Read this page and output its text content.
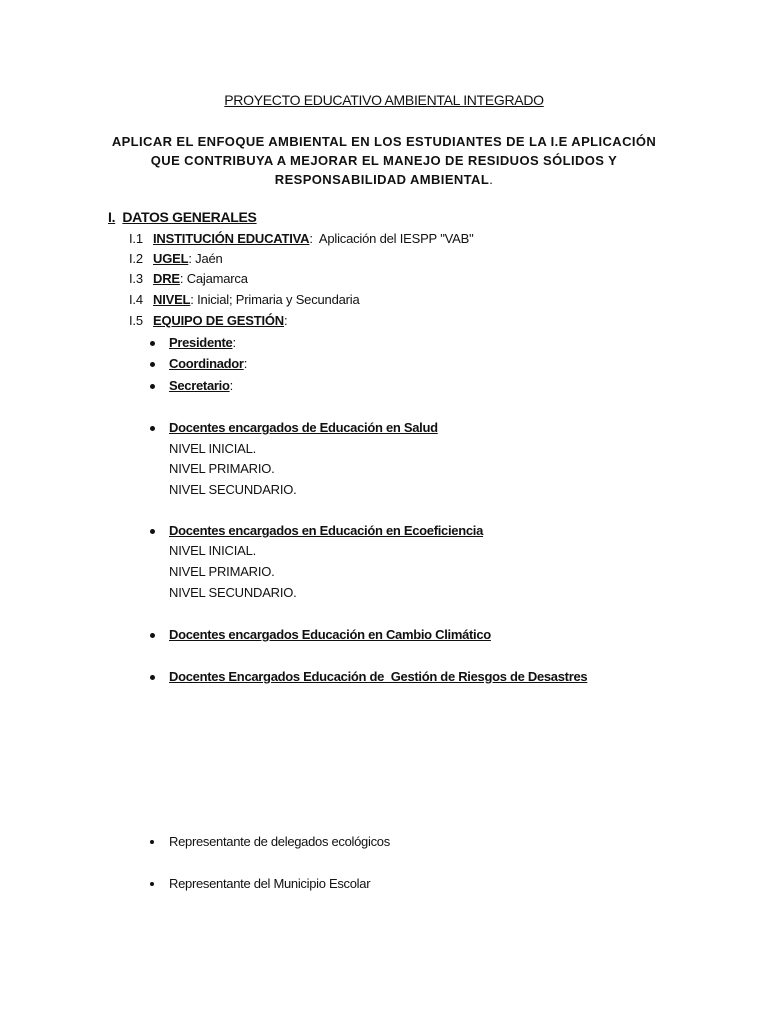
PROYECTO EDUCATIVO AMBIENTAL INTEGRADO
APLICAR EL ENFOQUE AMBIENTAL EN LOS ESTUDIANTES DE LA I.E APLICACIÓN
QUE CONTRIBUYA A MEJORAR EL MANEJO DE RESIDUOS SÓLIDOS Y
RESPONSABILIDAD AMBIENTAL.
I. DATOS GENERALES
I.1 INSTITUCIÓN EDUCATIVA:  Aplicación del IESPP "VAB"
I.2 UGEL: Jaén
I.3 DRE: Cajamarca
I.4 NIVEL: Inicial; Primaria y Secundaria
I.5 EQUIPO DE GESTIÓN:
Presidente:
Coordinador:
Secretario:
Docentes encargados de Educación en Salud
NIVEL INICIAL.
NIVEL PRIMARIO.
NIVEL SECUNDARIO.
Docentes encargados en Educación en Ecoeficiencia
NIVEL INICIAL.
NIVEL PRIMARIO.
NIVEL SECUNDARIO.
Docentes encargados Educación en Cambio Climático
Docentes Encargados Educación de  Gestión de Riesgos de Desastres
Representante de delegados ecológicos
Representante del Municipio Escolar
